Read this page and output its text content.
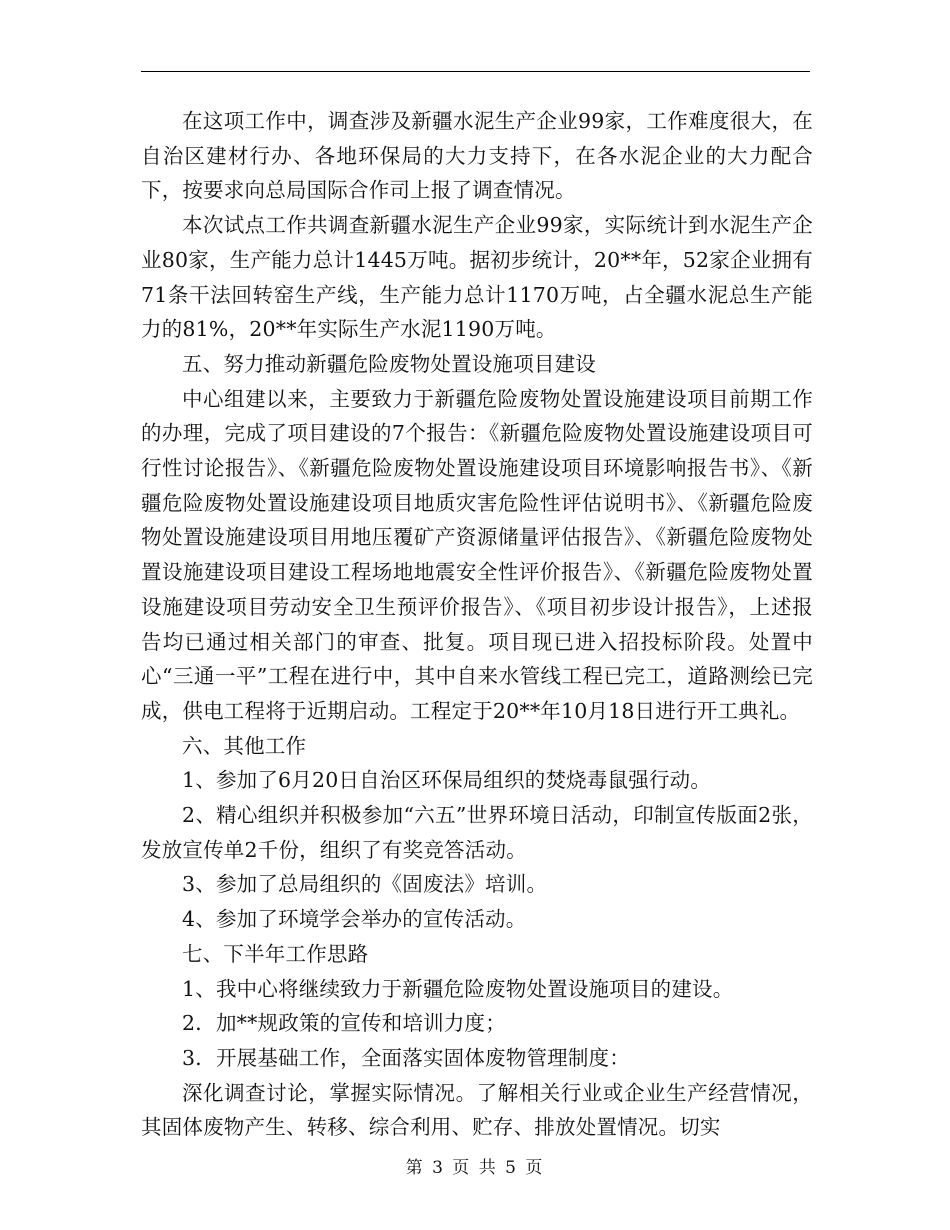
在这项工作中，调查涉及新疆水泥生产企业99家，工作难度很大，在自治区建材行办、各地环保局的大力支持下，在各水泥企业的大力配合下，按要求向总局国际合作司上报了调查情况。

本次试点工作共调查新疆水泥生产企业99家，实际统计到水泥生产企业80家，生产能力总计1445万吨。据初步统计，20**年，52家企业拥有71条干法回转窑生产线，生产能力总计1170万吨，占全疆水泥总生产能力的81%，20**年实际生产水泥1190万吨。

五、努力推动新疆危险废物处置设施项目建设

中心组建以来，主要致力于新疆危险废物处置设施建设项目前期工作的办理，完成了项目建设的7个报告：《新疆危险废物处置设施建设项目可行性讨论报告》、《新疆危险废物处置设施建设项目环境影响报告书》、《新疆危险废物处置设施建设项目地质灾害危险性评估说明书》、《新疆危险废物处置设施建设项目用地压覆矿产资源储量评估报告》、《新疆危险废物处置设施建设项目建设工程场地地震安全性评价报告》、《新疆危险废物处置设施建设项目劳动安全卫生预评价报告》、《项目初步设计报告》，上述报告均已通过相关部门的审查、批复。项目现已进入招投标阶段。处置中心“三通一平”工程在进行中，其中自来水管线工程已完工，道路测绘已完成，供电工程将于近期启动。工程定于20**年10月18日进行开工典礼。

六、其他工作

1、参加了6月20日自治区环保局组织的焚烧毒鼠强行动。

2、精心组织并积极参加“六五”世界环境日活动，印制宣传版面2张，发放宣传单2千份，组织了有奖竞答活动。

3、参加了总局组织的《固废法》培训。

4、参加了环境学会举办的宣传活动。

七、下半年工作思路

1、我中心将继续致力于新疆危险废物处置设施项目的建设。

2．加**规政策的宣传和培训力度；

3．开展基础工作，全面落实固体废物管理制度：

深化调查讨论，掌握实际情况。了解相关行业或企业生产经营情况，其固体废物产生、转移、综合利用、贮存、排放处置情况。切实

第 3 页 共 5 页
